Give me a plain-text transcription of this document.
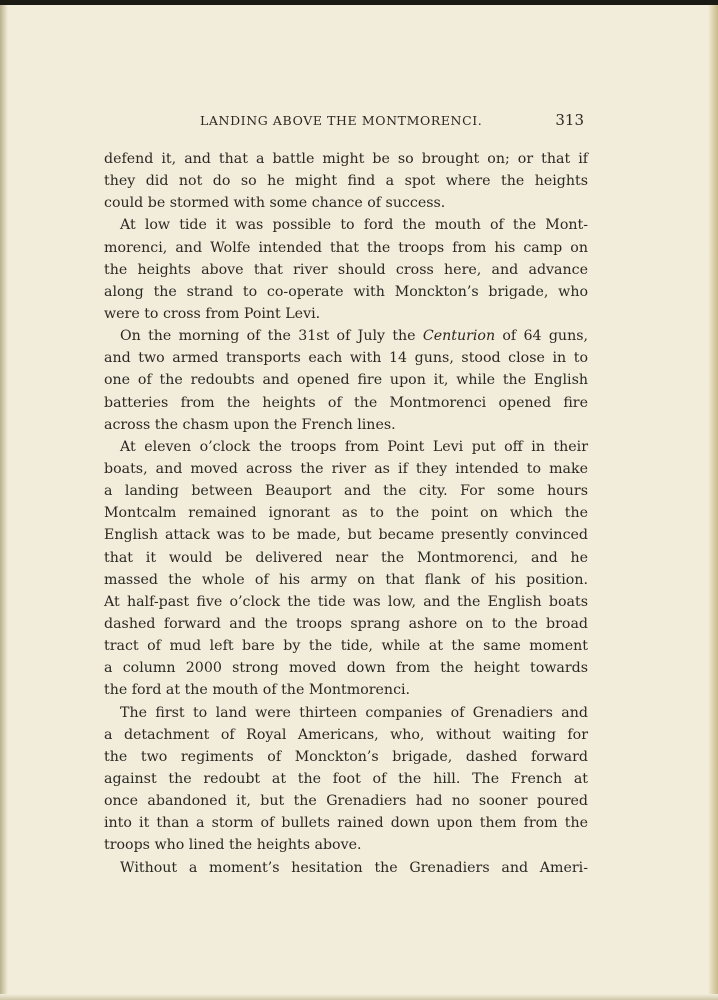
LANDING ABOVE THE MONTMORENCI.	313
defend it, and that a battle might be so brought on; or that if
they did not do so he might find a spot where the heights
could be stormed with some chance of success.
At low tide it was possible to ford the mouth of the Mont-
morenci, and Wolfe intended that the troops from his camp on
the heights above that river should cross here, and advance
along the strand to co-operate with Monckton’s brigade, who
were to cross from Point Levi.
On the morning of the 31st of July the Centurion of 64 guns,
and two armed transports each with 14 guns, stood close in to
one of the redoubts and opened fire upon it, while the English
batteries from the heights of the Montmorenci opened fire
across the chasm upon the French lines.
At eleven o’clock the troops from Point Levi put off in their
boats, and moved across the river as if they intended to make
a landing between Beauport and the city. For some hours
Montcalm remained ignorant as to the point on which the
English attack was to be made, but became presently convinced
that it would be delivered near the Montmorenci, and he
massed the whole of his army on that flank of his position.
At half-past five o’clock the tide was low, and the English boats
dashed forward and the troops sprang ashore on to the broad
tract of mud left bare by the tide, while at the same moment
a column 2000 strong moved down from the height towards
the ford at the mouth of the Montmorenci.
The first to land were thirteen companies of Grenadiers and
a detachment of Royal Americans, who, without waiting for
the two regiments of Monckton’s brigade, dashed forward
against the redoubt at the foot of the hill. The French at
once abandoned it, but the Grenadiers had no sooner poured
into it than a storm of bullets rained down upon them from the
troops who lined the heights above.
Without a moment’s hesitation the Grenadiers and Ameri-
